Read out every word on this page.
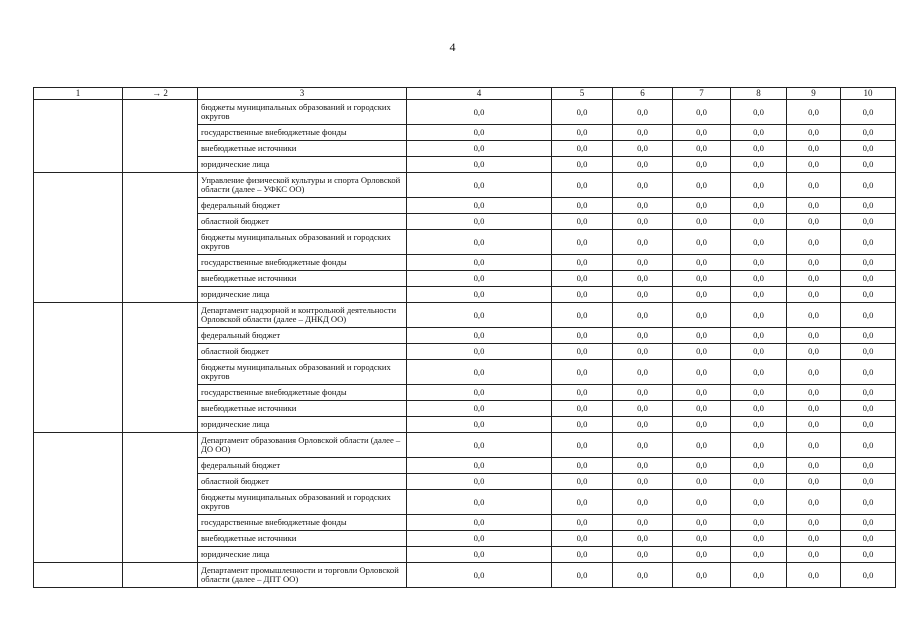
4
1	→ 2	3	4	5	6	7	8	9	10
		бюджеты муниципальных образований и городских округов	0,0	0,0	0,0	0,0	0,0	0,0	0,0
		государственные внебюджетные фонды	0,0	0,0	0,0	0,0	0,0	0,0	0,0
		внебюджетные источники	0,0	0,0	0,0	0,0	0,0	0,0	0,0
		юридические лица	0,0	0,0	0,0	0,0	0,0	0,0	0,0
		Управление физической культуры и спорта Орловской области (далее – УФКС ОО)	0,0	0,0	0,0	0,0	0,0	0,0	0,0
		федеральный бюджет	0,0	0,0	0,0	0,0	0,0	0,0	0,0
		областной бюджет	0,0	0,0	0,0	0,0	0,0	0,0	0,0
		бюджеты муниципальных образований и городских округов	0,0	0,0	0,0	0,0	0,0	0,0	0,0
		государственные внебюджетные фонды	0,0	0,0	0,0	0,0	0,0	0,0	0,0
		внебюджетные источники	0,0	0,0	0,0	0,0	0,0	0,0	0,0
		юридические лица	0,0	0,0	0,0	0,0	0,0	0,0	0,0
		Департамент надзорной и контрольной деятельности Орловской области (далее – ДНКД ОО)	0,0	0,0	0,0	0,0	0,0	0,0	0,0
		федеральный бюджет	0,0	0,0	0,0	0,0	0,0	0,0	0,0
		областной бюджет	0,0	0,0	0,0	0,0	0,0	0,0	0,0
		бюджеты муниципальных образований и городских округов	0,0	0,0	0,0	0,0	0,0	0,0	0,0
		государственные внебюджетные фонды	0,0	0,0	0,0	0,0	0,0	0,0	0,0
		внебюджетные источники	0,0	0,0	0,0	0,0	0,0	0,0	0,0
		юридические лица	0,0	0,0	0,0	0,0	0,0	0,0	0,0
		Департамент образования Орловской области (далее – ДО ОО)	0,0	0,0	0,0	0,0	0,0	0,0	0,0
		федеральный бюджет	0,0	0,0	0,0	0,0	0,0	0,0	0,0
		областной бюджет	0,0	0,0	0,0	0,0	0,0	0,0	0,0
		бюджеты муниципальных образований и городских округов	0,0	0,0	0,0	0,0	0,0	0,0	0,0
		государственные внебюджетные фонды	0,0	0,0	0,0	0,0	0,0	0,0	0,0
		внебюджетные источники	0,0	0,0	0,0	0,0	0,0	0,0	0,0
		юридические лица	0,0	0,0	0,0	0,0	0,0	0,0	0,0
		Департамент промышленности и торговли Орловской области (далее – ДПТ ОО)	0,0	0,0	0,0	0,0	0,0	0,0	0,0
